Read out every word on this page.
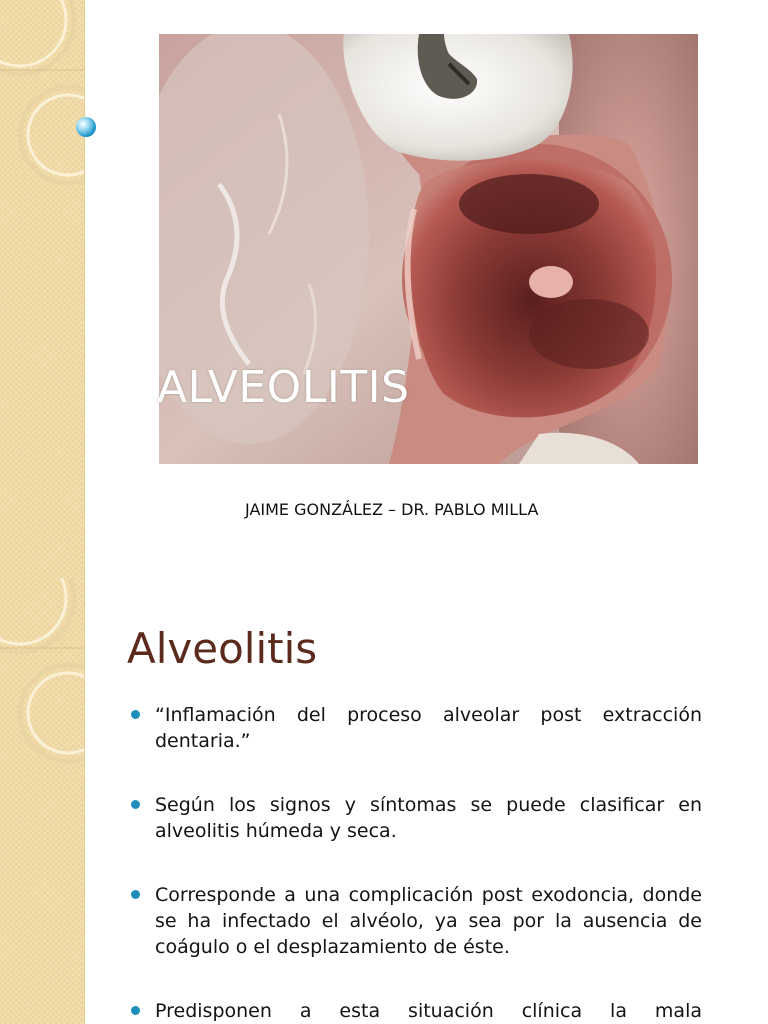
ALVEOLITIS
JAIME GONZÁLEZ – DR. PABLO MILLA
Alveolitis
“Inflamación del proceso alveolar post extracción dentaria.”
Según los signos y síntomas se puede clasificar en alveolitis húmeda y seca.
Corresponde a una complicación post exodoncia, donde se ha infectado el alvéolo, ya sea por la ausencia de coágulo o el desplazamiento de éste.
Predisponen a esta situación clínica la mala
